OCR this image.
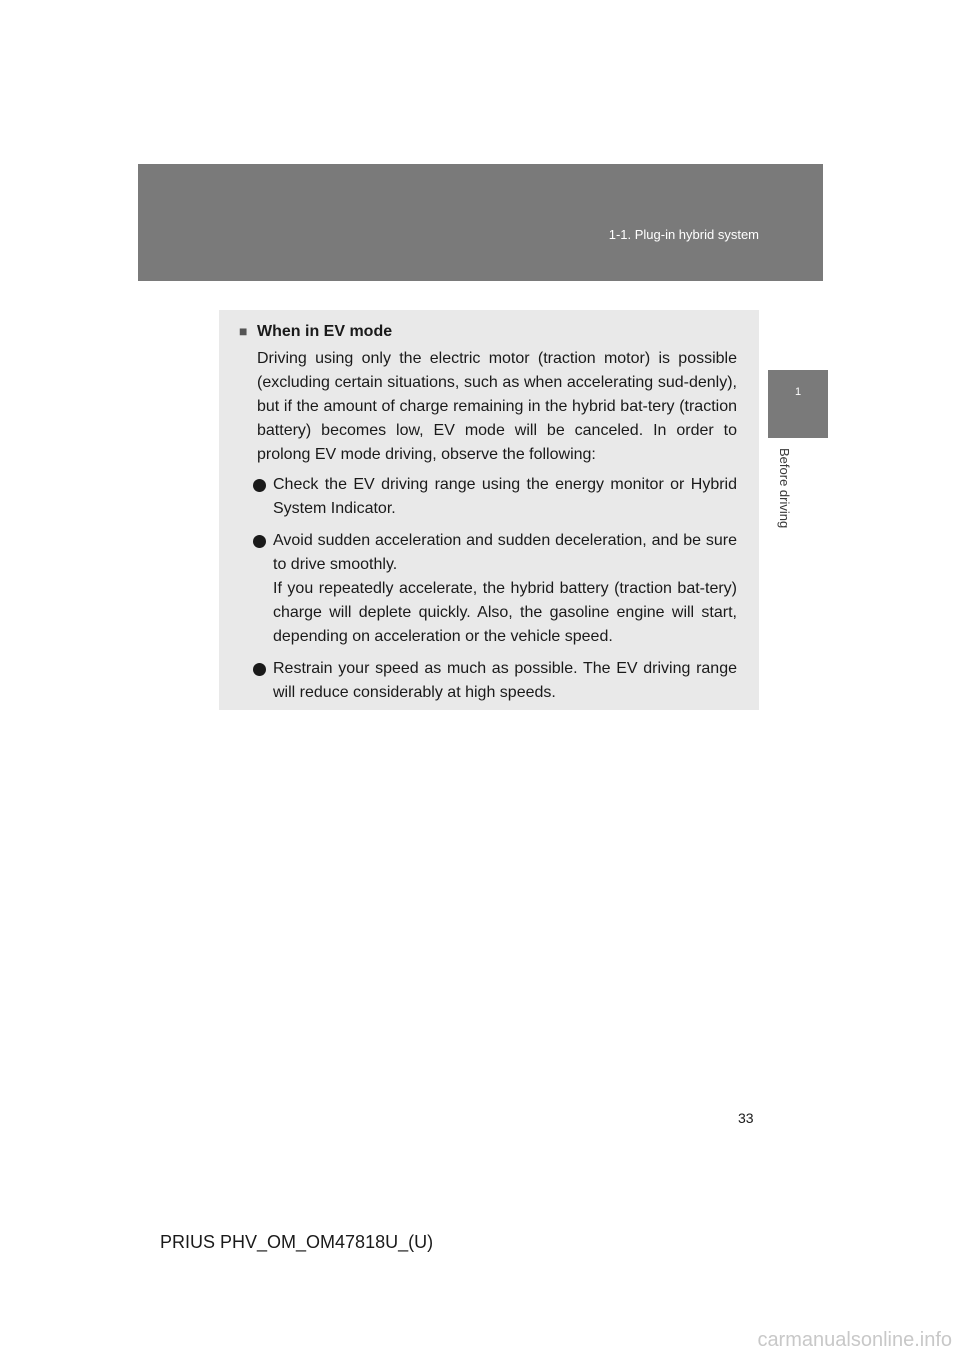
1-1. Plug-in hybrid system
1
Before driving
■ When in EV mode

Driving using only the electric motor (traction motor) is possible (excluding certain situations, such as when accelerating sud-denly), but if the amount of charge remaining in the hybrid bat-tery (traction battery) becomes low, EV mode will be canceled. In order to prolong EV mode driving, observe the following:

Check the EV driving range using the energy monitor or Hybrid System Indicator.

Avoid sudden acceleration and sudden deceleration, and be sure to drive smoothly.

If you repeatedly accelerate, the hybrid battery (traction bat-tery) charge will deplete quickly. Also, the gasoline engine will start, depending on acceleration or the vehicle speed.

Restrain your speed as much as possible. The EV driving range will reduce considerably at high speeds.

33
PRIUS PHV_OM_OM47818U_(U)
carmanualsonline.info
